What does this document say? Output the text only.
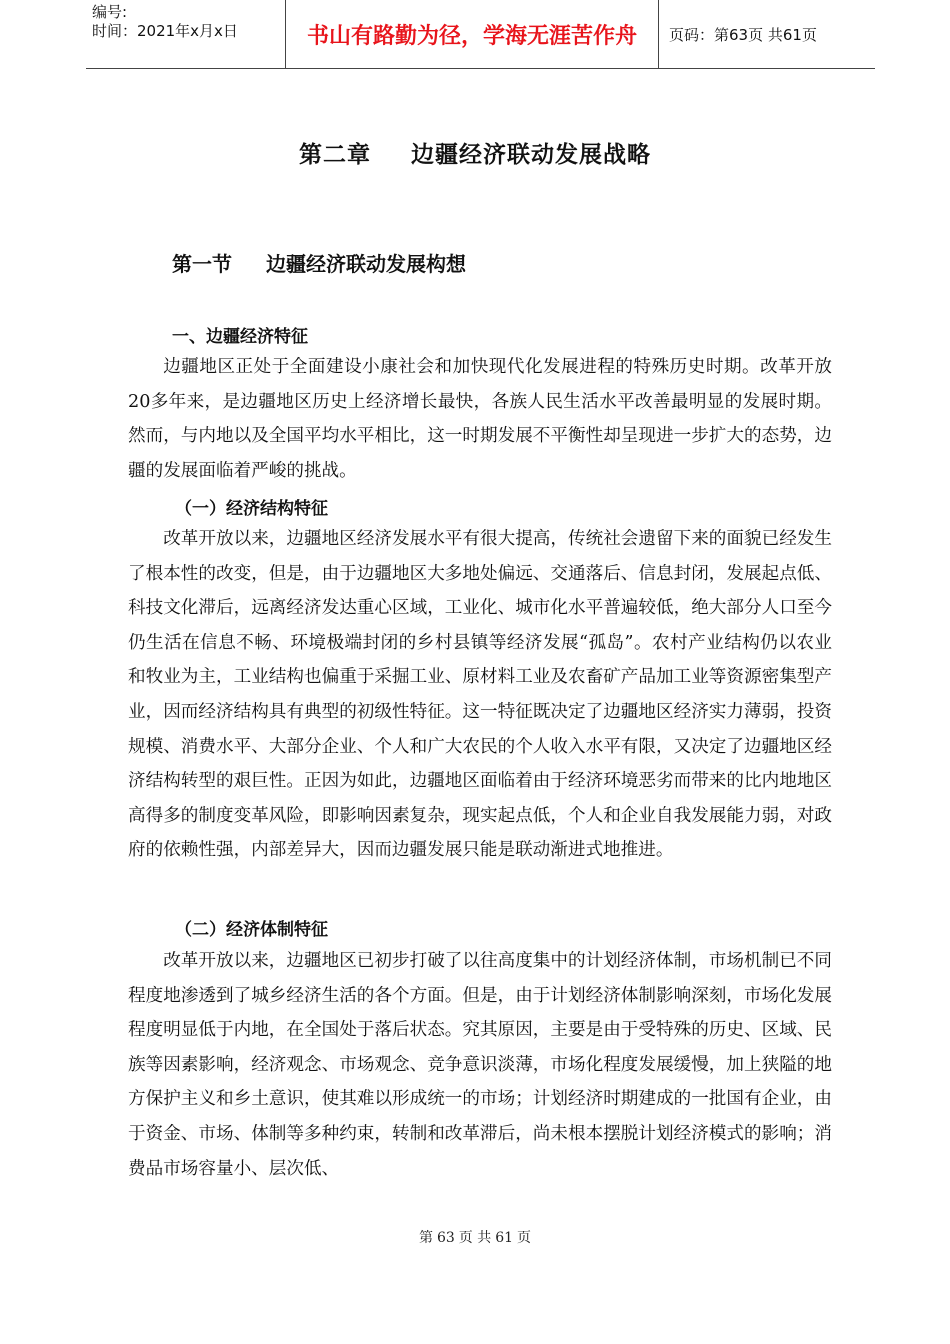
编号:
时间：2021年x月x日	书山有路勤为径，学海无涯苦作舟	页码：第63页 共61页
第二章 边疆经济联动发展战略
第一节 边疆经济联动发展构想
一、边疆经济特征

边疆地区正处于全面建设小康社会和加快现代化发展进程的特殊历史时期。改革开放20多年来，是边疆地区历史上经济增长最快，各族人民生活水平改善最明显的发展时期。然而，与内地以及全国平均水平相比，这一时期发展不平衡性却呈现进一步扩大的态势，边疆的发展面临着严峻的挑战。

（一）经济结构特征

改革开放以来，边疆地区经济发展水平有很大提高，传统社会遗留下来的面貌已经发生了根本性的改变，但是，由于边疆地区大多地处偏远、交通落后、信息封闭，发展起点低、科技文化滞后，远离经济发达重心区域，工业化、城市化水平普遍较低，绝大部分人口至今仍生活在信息不畅、环境极端封闭的乡村县镇等经济发展“孤岛”。农村产业结构仍以农业和牧业为主，工业结构也偏重于采掘工业、原材料工业及农畜矿产品加工业等资源密集型产业，因而经济结构具有典型的初级性特征。这一特征既决定了边疆地区经济实力薄弱，投资规模、消费水平、大部分企业、个人和广大农民的个人收入水平有限，又决定了边疆地区经济结构转型的艰巨性。正因为如此，边疆地区面临着由于经济环境恶劣而带来的比内地地区高得多的制度变革风险，即影响因素复杂，现实起点低，个人和企业自我发展能力弱，对政府的依赖性强，内部差异大，因而边疆发展只能是联动渐进式地推进。

（二）经济体制特征

改革开放以来，边疆地区已初步打破了以往高度集中的计划经济体制，市场机制已不同程度地渗透到了城乡经济生活的各个方面。但是，由于计划经济体制影响深刻，市场化发展程度明显低于内地，在全国处于落后状态。究其原因，主要是由于受特殊的历史、区域、民族等因素影响，经济观念、市场观念、竞争意识淡薄，市场化程度发展缓慢，加上狭隘的地方保护主义和乡土意识，使其难以形成统一的市场；计划经济时期建成的一批国有企业，由于资金、市场、体制等多种约束，转制和改革滞后，尚未根本摆脱计划经济模式的影响；消费品市场容量小、层次低、

第 63 页 共 61 页
